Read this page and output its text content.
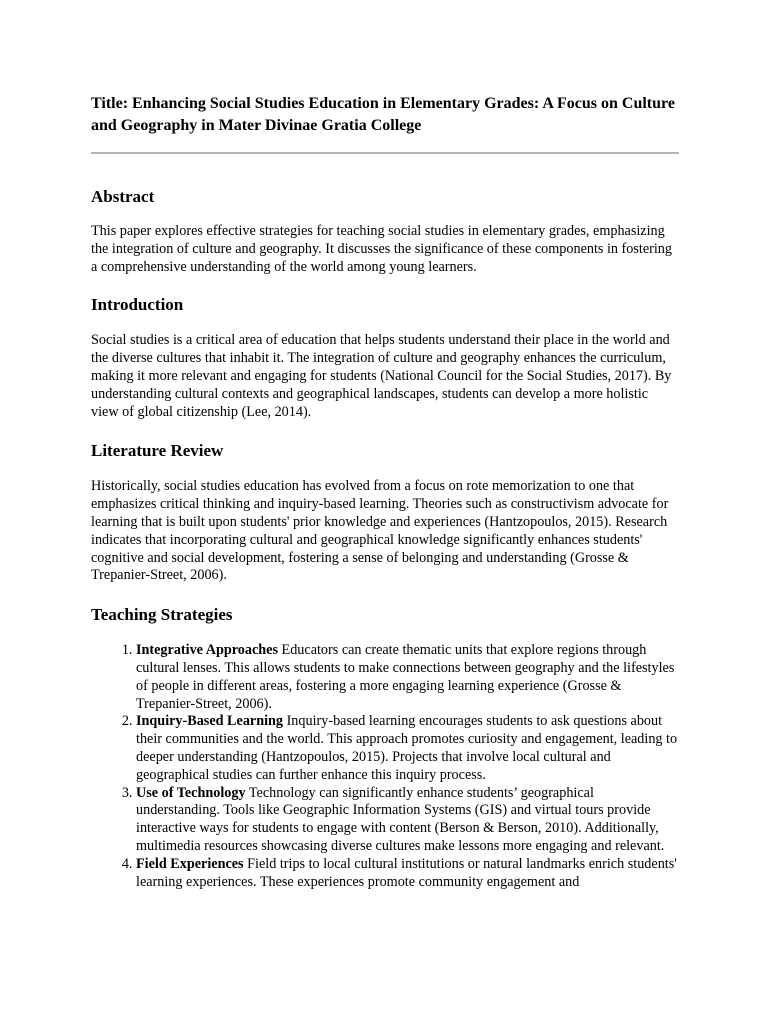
Title: Enhancing Social Studies Education in Elementary Grades: A Focus on Culture and Geography in Mater Divinae Gratia College
Abstract

This paper explores effective strategies for teaching social studies in elementary grades, emphasizing the integration of culture and geography. It discusses the significance of these components in fostering a comprehensive understanding of the world among young learners.

Introduction

Social studies is a critical area of education that helps students understand their place in the world and the diverse cultures that inhabit it. The integration of culture and geography enhances the curriculum, making it more relevant and engaging for students (National Council for the Social Studies, 2017). By understanding cultural contexts and geographical landscapes, students can develop a more holistic view of global citizenship (Lee, 2014).

Literature Review

Historically, social studies education has evolved from a focus on rote memorization to one that emphasizes critical thinking and inquiry-based learning. Theories such as constructivism advocate for learning that is built upon students' prior knowledge and experiences (Hantzopoulos, 2015). Research indicates that incorporating cultural and geographical knowledge significantly enhances students' cognitive and social development, fostering a sense of belonging and understanding (Grosse & Trepanier-Street, 2006).

Teaching Strategies
1. Integrative Approaches Educators can create thematic units that explore regions through cultural lenses. This allows students to make connections between geography and the lifestyles of people in different areas, fostering a more engaging learning experience (Grosse & Trepanier-Street, 2006).
2. Inquiry-Based Learning Inquiry-based learning encourages students to ask questions about their communities and the world. This approach promotes curiosity and engagement, leading to deeper understanding (Hantzopoulos, 2015). Projects that involve local cultural and geographical studies can further enhance this inquiry process.
3. Use of Technology Technology can significantly enhance students’ geographical understanding. Tools like Geographic Information Systems (GIS) and virtual tours provide interactive ways for students to engage with content (Berson & Berson, 2010). Additionally, multimedia resources showcasing diverse cultures make lessons more engaging and relevant.
4. Field Experiences Field trips to local cultural institutions or natural landmarks enrich students' learning experiences. These experiences promote community engagement and
